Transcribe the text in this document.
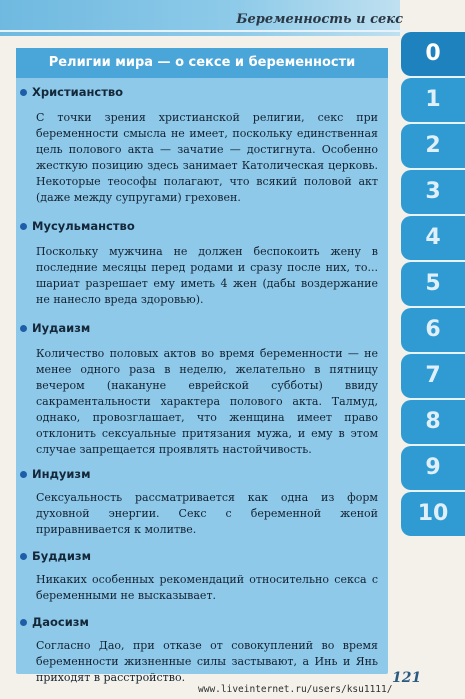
Беременность и секс
Религии мира — о сексе и беременности
Христианство

С точки зрения христианской религии, секс при беременности смысла не имеет, поскольку единственная цель полового акта — зачатие — достигнута. Особенно жесткую позицию здесь занимает Католическая церковь. Некоторые теософы полагают, что всякий половой акт (даже между супругами) греховен.

Мусульманство

Поскольку мужчина не должен беспокоить жену в последние месяцы перед родами и сразу после них, то... шариат разрешает ему иметь 4 жен (дабы воздержание не нанесло вреда здоровью).

Иудаизм

Количество половых актов во время беременности — не менее одного раза в неделю, желательно в пятницу вечером (накануне еврейской субботы) ввиду сакраментальности характера полового акта. Талмуд, однако, провозглашает, что женщина имеет право отклонить сексуальные притязания мужа, и ему в этом случае запрещается проявлять настойчивость.

Индуизм

Сексуальность рассматривается как одна из форм духовной энергии. Секс с беременной женой приравнивается к молитве.

Буддизм

Никаких особенных рекомендаций относительно секса с беременными не высказывает.

Даосизм

Согласно Дао, при отказе от совокуплений во время беременности жизненные силы застывают, а Инь и Янь приходят в расстройство.

0
1
2
3
4
5
6
7
8
9
10
121
www.liveinternet.ru/users/ksu1111/
